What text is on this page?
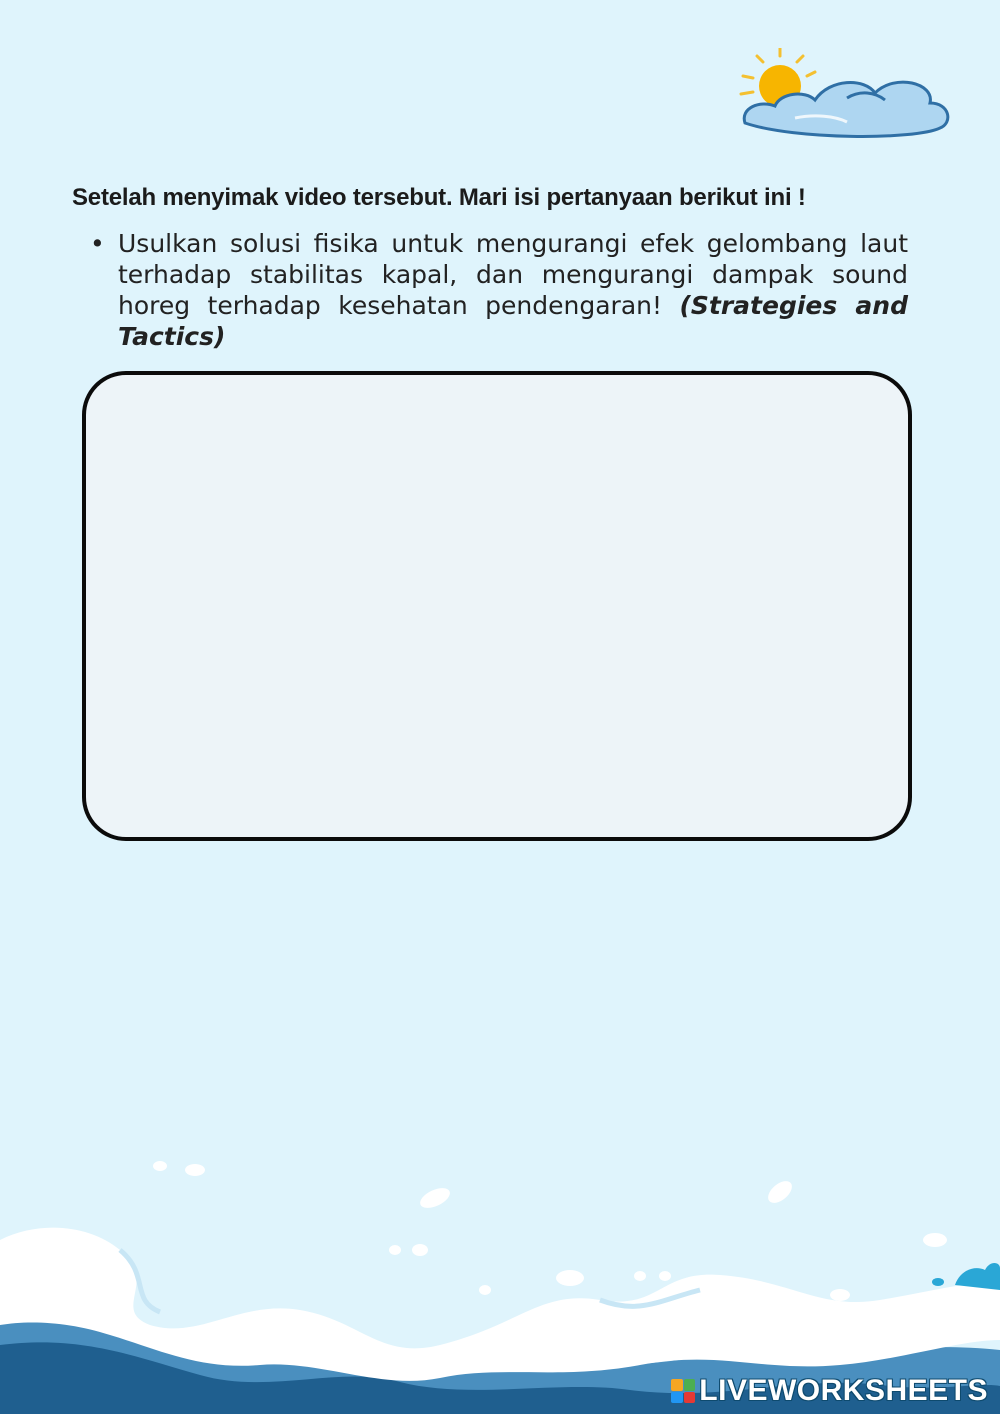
Setelah menyimak video tersebut. Mari isi pertanyaan berikut ini !

• Usulkan solusi fisika untuk mengurangi efek gelombang laut terhadap stabilitas kapal, dan mengurangi dampak sound horeg terhadap kesehatan pendengaran! (Strategies and Tactics)
LIVEWORKSHEETS
